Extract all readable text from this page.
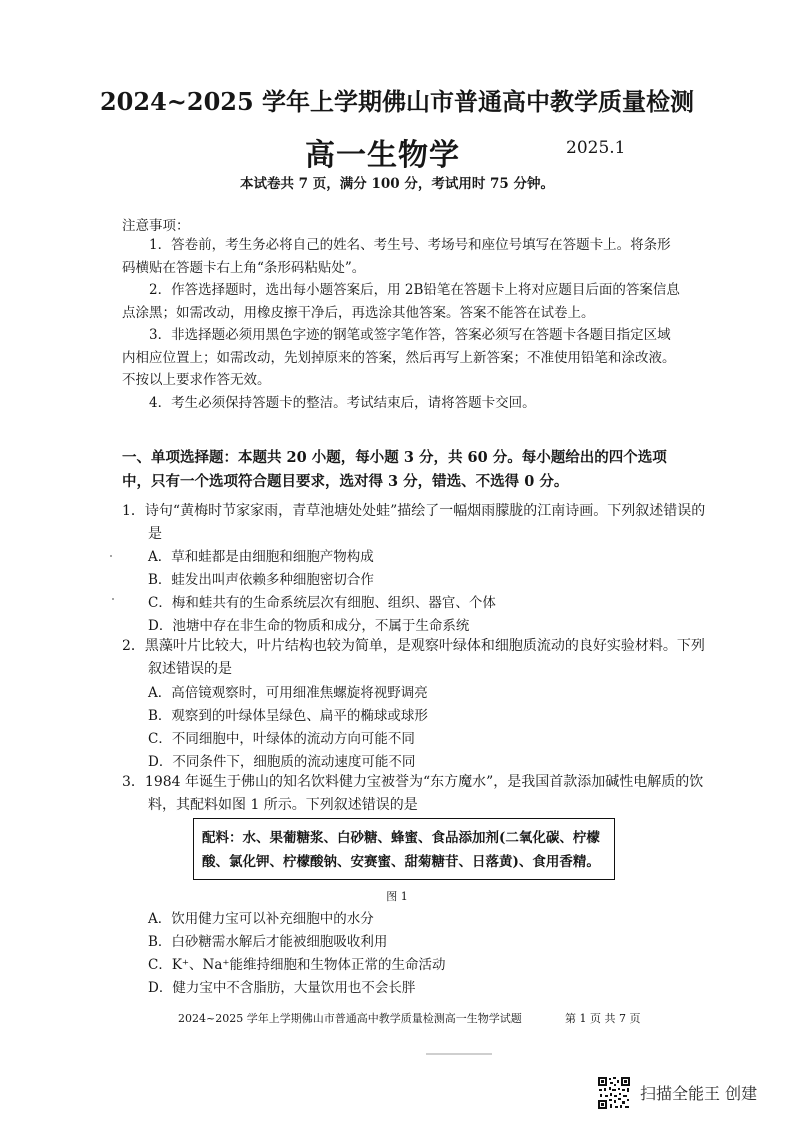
2024~2025 学年上学期佛山市普通高中教学质量检测
高一生物学	2025.1
本试卷共 7 页，满分 100 分，考试用时 75 分钟。
注意事项：
1．答卷前，考生务必将自己的姓名、考生号、考场号和座位号填写在答题卡上。将条形码横贴在答题卡右上角“条形码粘贴处”。
2．作答选择题时，选出每小题答案后，用 2B铅笔在答题卡上将对应题目后面的答案信息点涂黑；如需改动，用橡皮擦干净后，再选涂其他答案。答案不能答在试卷上。
3．非选择题必须用黑色字迹的钢笔或签字笔作答，答案必须写在答题卡各题目指定区域内相应位置上；如需改动，先划掉原来的答案，然后再写上新答案；不准使用铅笔和涂改液。不按以上要求作答无效。
4．考生必须保持答题卡的整洁。考试结束后，请将答题卡交回。
一、单项选择题：本题共 20 小题，每小题 3 分，共 60 分。每小题给出的四个选项中，只有一个选项符合题目要求，选对得 3 分，错选、不选得 0 分。
1．诗句“黄梅时节家家雨，青草池塘处处蛙”描绘了一幅烟雨朦胧的江南诗画。下列叙述错误的是
A．草和蛙都是由细胞和细胞产物构成
B．蛙发出叫声依赖多种细胞密切合作
C．梅和蛙共有的生命系统层次有细胞、组织、器官、个体
D．池塘中存在非生命的物质和成分，不属于生命系统
2．黑藻叶片比较大，叶片结构也较为简单，是观察叶绿体和细胞质流动的良好实验材料。下列叙述错误的是
A．高倍镜观察时，可用细准焦螺旋将视野调亮
B．观察到的叶绿体呈绿色、扁平的椭球或球形
C．不同细胞中，叶绿体的流动方向可能不同
D．不同条件下，细胞质的流动速度可能不同
3．1984 年诞生于佛山的知名饮料健力宝被誉为“东方魔水”，是我国首款添加碱性电解质的饮料，其配料如图 1 所示。下列叙述错误的是
配料：水、果葡糖浆、白砂糖、蜂蜜、食品添加剂(二氧化碳、柠檬酸、氯化钾、柠檬酸钠、安赛蜜、甜菊糖苷、日落黄)、食用香精。
图 1
A．饮用健力宝可以补充细胞中的水分
B．白砂糖需水解后才能被细胞吸收利用
C．K⁺、Na⁺能维持细胞和生物体正常的生命活动
D．健力宝中不含脂肪，大量饮用也不会长胖
2024~2025 学年上学期佛山市普通高中教学质量检测高一生物学试题	第 1 页 共 7 页
扫描全能王 创建
